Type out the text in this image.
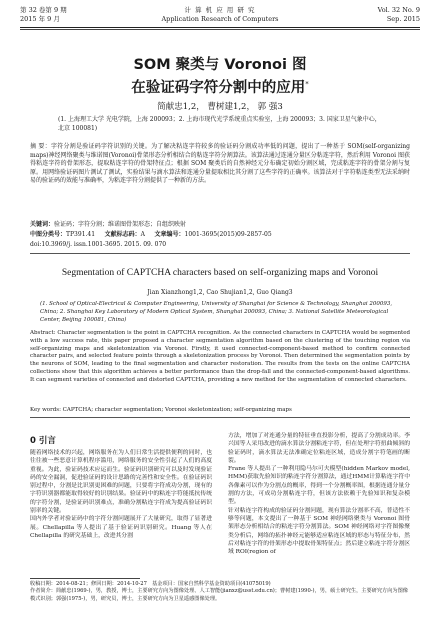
第 32 卷第 9 期
2015 年 9 月
计 算 机 应 用 研 究
Application Research of Computers
Vol. 32 No. 9
Sep. 2015
SOM 聚类与 Voronoi 图
在验证码字符分割中的应用*
简献忠1,2， 曹树建1,2， 郭 强3
(1. 上海理工大学 光电学院，上海 200093；2. 上海市现代光学系统重点实验室，上海 200093；3. 国家卫星气象中心，北京 100081)
摘 要：字符分割是验证码字符识别的关键。为了解决粘连字符较多的验证码分割成功率低的问题，提出了一种基于 SOM(self-organizing maps)神经网络聚类与维诺图(Voronoi)骨架形态分析相结合的粘连字符分割算法。该算法通过连通分量区分粘连字符，然后利用 Voronoi 图获得粘连字符的骨架形态，提取粘连字符的骨架特征点；根据 SOM 聚类后的自然神经元分布确定初始分割区域，完成粘连字符的骨架分割与复原。用网络验证码图片测试了测试，实验结果与滴水算法和连通分量提取相比其分割了这些字符的正确率。该算法对于字符粘连类型无法采纳时易的验证码的效能与准确率，为粘连字符分割提供了一种新的方法。
关键词：验证码；字符分割；维诺图骨架形态；自组织映射
中图分类号：TP391.41 文献标志码：A 文章编号：1001-3695(2015)09-2857-05
doi:10.3969/j. issn.1001-3695. 2015. 09. 070
Segmentation of CAPTCHA characters based on self-organizing maps and Voronoi
Jian Xianzhong1,2, Cao Shujian1,2, Guo Qiang3
(1. School of Optical-Electrical & Computer Engineering, University of Shanghai for Science & Technology, Shanghai 200093, China; 2. Shanghai Key Laboratory of Modern Optical System, Shanghai 200093, China; 3. National Satellite Meteorological Center, Beijing 100081, China)
Abstract: Character segmentation is the point in CAPTCHA recognition. As the connected characters in CAPTCHA would be segmented with a low success rate, this paper proposed a character segmentation algorithm based on the clustering of the touching region via self-organizing maps and skeletonization via Voronoi. Firstly, it used connected-component-based method to confirm connected character pairs, and selected feature points through a skeletonization process by Voronoi. Then determined the segmentation points by the neurons of SOM, leading to the final segmentation and character restoration. The results from the tests on the online CAPTCHA collections show that this algorithm achieves a better performance than the drop-fall and the connected-component-based algorithms. It can segment varieties of connected and distorted CAPTCHA, providing a new method for the segmentation of connected characters.
Key words: CAPTCHA; character segmentation; Voronoi skeletonization; self-organizing maps
0 引言
随着网络技术的兴起，网络服务在为人们日常生活提供便利的同时，也往往被一些恶意计算机程序滥用，网络服务的安全性引起了人们的高度重视。为此，验证码技术应运而生。验证码识别研究可以及时发现验证码的安全漏洞，促进验证码的设计思路的完善性和安全性。在验证码识别过程中，分割是比识别更困难的问题，只要将字符成功分割，现有的字符识别器都能取得较好的识别结果。验证码中的粘连字符能抵抗传统的字符分割，是验证码识别难点，准确分割粘连字符成为提高验证码识别率的关键。
国内外学者对验证码中的字符分割问题展开了大量研究，取得了显著进展。Chellapilla 等人提出了基于验证码识别研究。Huang 等人在 Chellapilla 的研究基础上，改进其分割
方法，增加了对连通分量的特征垂直投影分析，提高了分割成功率。李兴国等人采用改进的滴水算法分割粘连字符，但在处理字符扭曲倾斜的验证码时，滴水算法无法准确定位粘连区域，造成分割字符笔画的断裂。
Frane 等人提出了一种利用隐马尔可夫模型(hidden Markov model, HMM)获取先验知识的粘连字符分割算法，通过HMM计算粘连字符中各像素可以作为分割点的概率，得到一个分割概率图，根据连通分量分割的方法，可成功分割粘连字符，但该方法依赖于先验知识和复杂模型。
针对粘连字符构成的验证码分割问题，现有算法分割率不高，普适性不够等问题，本文提出了一种基于 SOM 神经网络聚类与 Voronoi 图骨架形态分析相结合的粘连字符分割算法。SOM 神经网络对字符图像聚类分析后，网络的拓扑神经元能够适应粘连区域的形态与特征分布，然后对粘连字符的骨架形态中提取骨架特征点；然后建立粘连字符分割区域 ROI(region of
收稿日期：2014-08-21；修回日期：2014-10-27　基金项目：国家自然科学基金资助项目(41075019)
作者简介：简献忠(1969-)，男，教授，博士，主要研究方向为图像处理、人工智能(jianxz@usst.edu.cn)；曹树建(1990-)，男，硕士研究生，主要研究方向为图像模式识别；郭强(1975-)，男，研究员，博士，主要研究方向为卫星遥感图像处理。
